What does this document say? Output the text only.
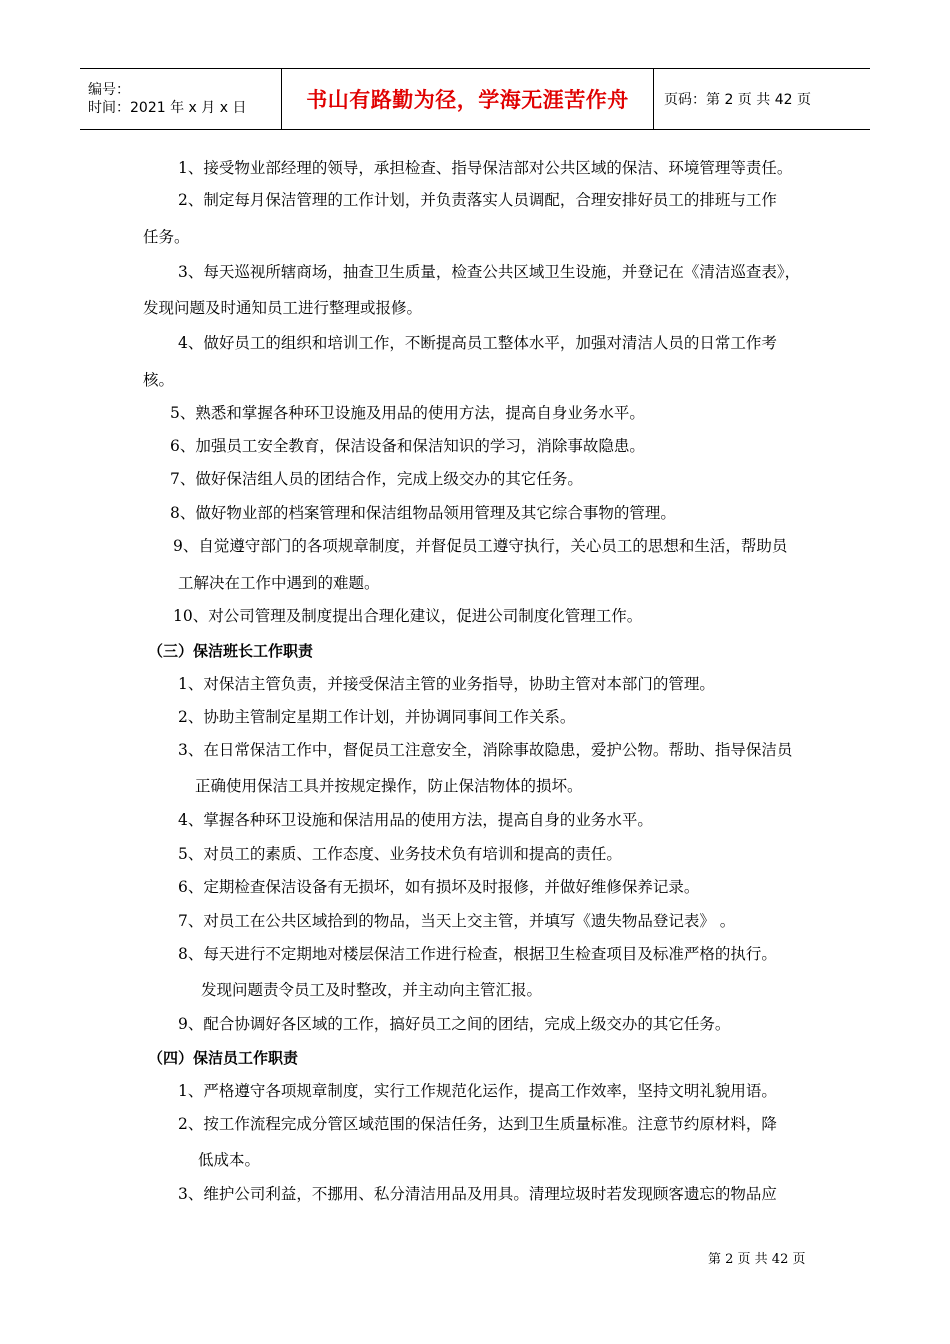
编号：
时间：2021 年 x 月 x 日	书山有路勤为径，学海无涯苦作舟	页码：第 2 页 共 42 页
1、接受物业部经理的领导，承担检查、指导保洁部对公共区域的保洁、环境管理等责任。
2、制定每月保洁管理的工作计划，并负责落实人员调配，合理安排好员工的排班与工作
任务。
3、每天巡视所辖商场，抽查卫生质量，检查公共区域卫生设施，并登记在《清洁巡查表》，
发现问题及时通知员工进行整理或报修。
4、做好员工的组织和培训工作，不断提高员工整体水平，加强对清洁人员的日常工作考
核。
5、熟悉和掌握各种环卫设施及用品的使用方法，提高自身业务水平。
6、加强员工安全教育，保洁设备和保洁知识的学习，消除事故隐患。
7、做好保洁组人员的团结合作，完成上级交办的其它任务。
8、做好物业部的档案管理和保洁组物品领用管理及其它综合事物的管理。
9、自觉遵守部门的各项规章制度，并督促员工遵守执行，关心员工的思想和生活，帮助员
工解决在工作中遇到的难题。
10、对公司管理及制度提出合理化建议，促进公司制度化管理工作。
（三）保洁班长工作职责
1、对保洁主管负责，并接受保洁主管的业务指导，协助主管对本部门的管理。
2、协助主管制定星期工作计划，并协调同事间工作关系。
3、在日常保洁工作中，督促员工注意安全，消除事故隐患，爱护公物。帮助、指导保洁员
正确使用保洁工具并按规定操作，防止保洁物体的损坏。
4、掌握各种环卫设施和保洁用品的使用方法，提高自身的业务水平。
5、对员工的素质、工作态度、业务技术负有培训和提高的责任。
6、定期检查保洁设备有无损坏，如有损坏及时报修，并做好维修保养记录。
7、对员工在公共区域拾到的物品，当天上交主管，并填写《遗失物品登记表》 。
8、每天进行不定期地对楼层保洁工作进行检查，根据卫生检查项目及标准严格的执行。
发现问题责令员工及时整改，并主动向主管汇报。
9、配合协调好各区域的工作，搞好员工之间的团结，完成上级交办的其它任务。
（四）保洁员工作职责
1、严格遵守各项规章制度，实行工作规范化运作，提高工作效率，坚持文明礼貌用语。
2、按工作流程完成分管区域范围的保洁任务，达到卫生质量标准。注意节约原材料，降
低成本。
3、维护公司利益，不挪用、私分清洁用品及用具。清理垃圾时若发现顾客遗忘的物品应
第 2 页 共 42 页
